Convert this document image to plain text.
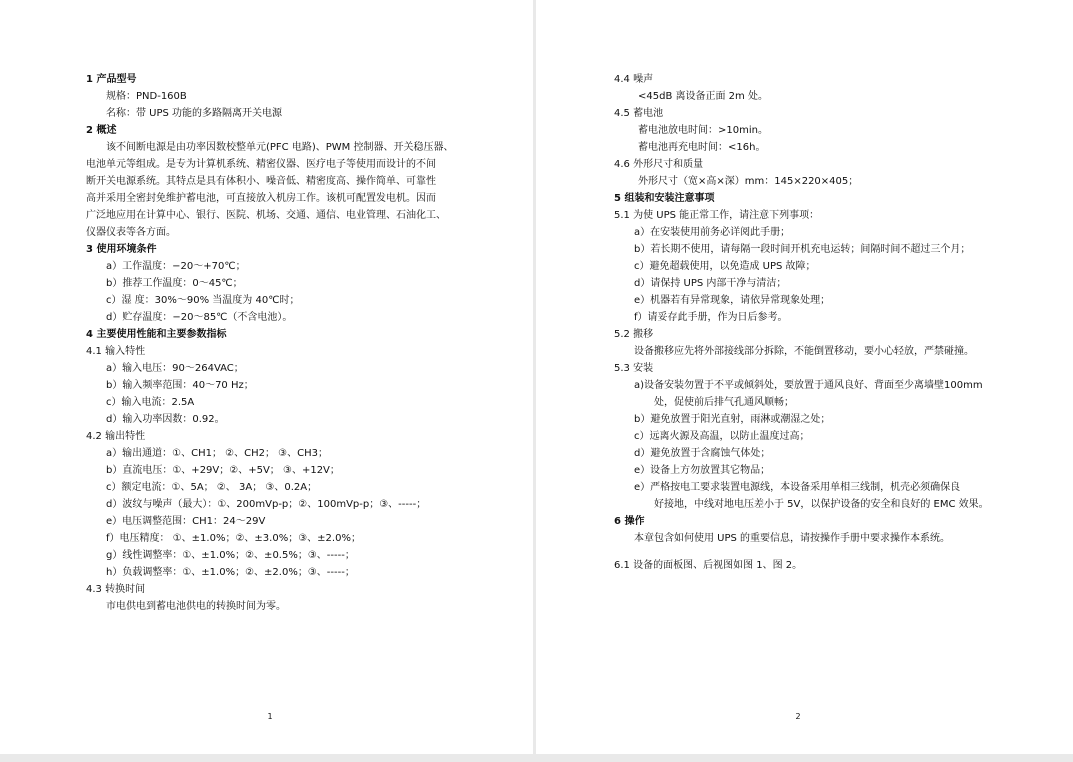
1 产品型号
规格：PND-160B
名称：带 UPS 功能的多路隔离开关电源
2 概述
该不间断电源是由功率因数校整单元(PFC 电路)、PWM 控制器、开关稳压器、
电池单元等组成。是专为计算机系统、精密仪器、医疗电子等使用而设计的不间
断开关电源系统。其特点是具有体积小、噪音低、精密度高、操作简单、可靠性
高并采用全密封免维护蓄电池，可直接放入机房工作。该机可配置发电机。因而
广泛地应用在计算中心、银行、医院、机场、交通、通信、电业管理、石油化工、
仪器仪表等各方面。
3 使用环境条件
a）工作温度：−20～+70℃；
b）推荐工作温度：0～45℃；
c）湿 度：30%～90% 当温度为 40℃时；
d）贮存温度：−20～85℃（不含电池）。
4 主要使用性能和主要参数指标
4.1 输入特性
a）输入电压：90～264VAC；
b）输入频率范围：40～70 Hz；
c）输入电流：2.5A
d）输入功率因数：0.92。
4.2 输出特性
a）输出通道：①、CH1； ②、CH2； ③、CH3；
b）直流电压：①、+29V；②、+5V； ③、+12V；
c）额定电流：①、5A； ②、 3A； ③、0.2A；
d）波纹与噪声（最大）：①、200mVp-p；②、100mVp-p；③、-----；
e）电压调整范围：CH1：24～29V
f）电压精度： ①、±1.0%；②、±3.0%；③、±2.0%；
g）线性调整率：①、±1.0%；②、±0.5%；③、-----；
h）负载调整率：①、±1.0%；②、±2.0%；③、-----；
4.3 转换时间
市电供电到蓄电池供电的转换时间为零。
1
4.4 噪声
<45dB 离设备正面 2m 处。
4.5 蓄电池
蓄电池放电时间：>10min。
蓄电池再充电时间：<16h。
4.6 外形尺寸和质量
外形尺寸（宽×高×深）mm：145×220×405；
5 组装和安装注意事项
5.1 为使 UPS 能正常工作，请注意下列事项：
a）在安装使用前务必详阅此手册；
b）若长期不使用，请每隔一段时间开机充电运转；间隔时间不超过三个月；
c）避免超载使用，以免造成 UPS 故障；
d）请保持 UPS 内部干净与清洁；
e）机器若有异常现象，请依异常现象处理；
f）请妥存此手册，作为日后参考。
5.2 搬移
设备搬移应先将外部接线部分拆除，不能倒置移动，要小心轻放，严禁碰撞。
5.3 安装
a)设备安装勿置于不平或倾斜处，要放置于通风良好、背面至少离墙壁100mm
处，促使前后排气孔通风顺畅；
b）避免放置于阳光直射，雨淋或潮湿之处；
c）远离火源及高温，以防止温度过高；
d）避免放置于含腐蚀气体处；
e）设备上方勿放置其它物品；
e）严格按电工要求装置电源线，本设备采用单相三线制，机壳必须确保良
好接地，中线对地电压差小于 5V，以保护设备的安全和良好的 EMC 效果。
6 操作
本章包含如何使用 UPS 的重要信息，请按操作手册中要求操作本系统。
6.1 设备的面板图、后视图如图 1、图 2。
2
